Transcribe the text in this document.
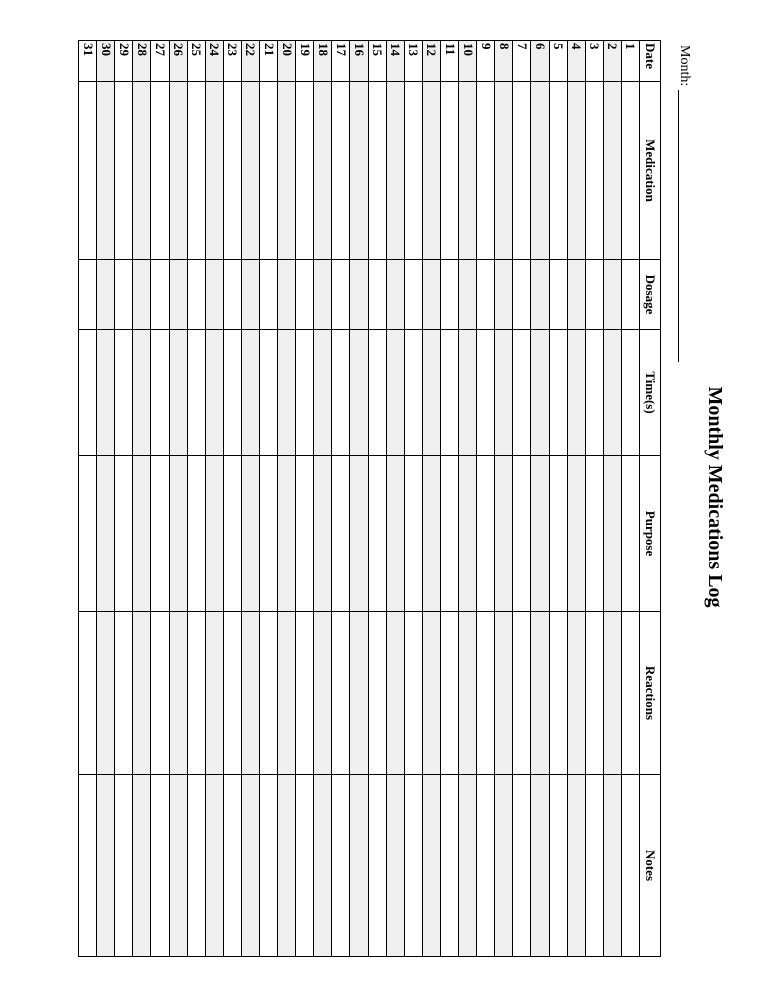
Monthly Medications Log
Month:
Date	Medication	Dosage	Time(s)	Purpose	Reactions	Notes
1						
2						
3						
4						
5						
6						
7						
8						
9						
10						
11						
12						
13						
14						
15						
16						
17						
18						
19						
20						
21						
22						
23						
24						
25						
26						
27						
28						
29						
30						
31						
